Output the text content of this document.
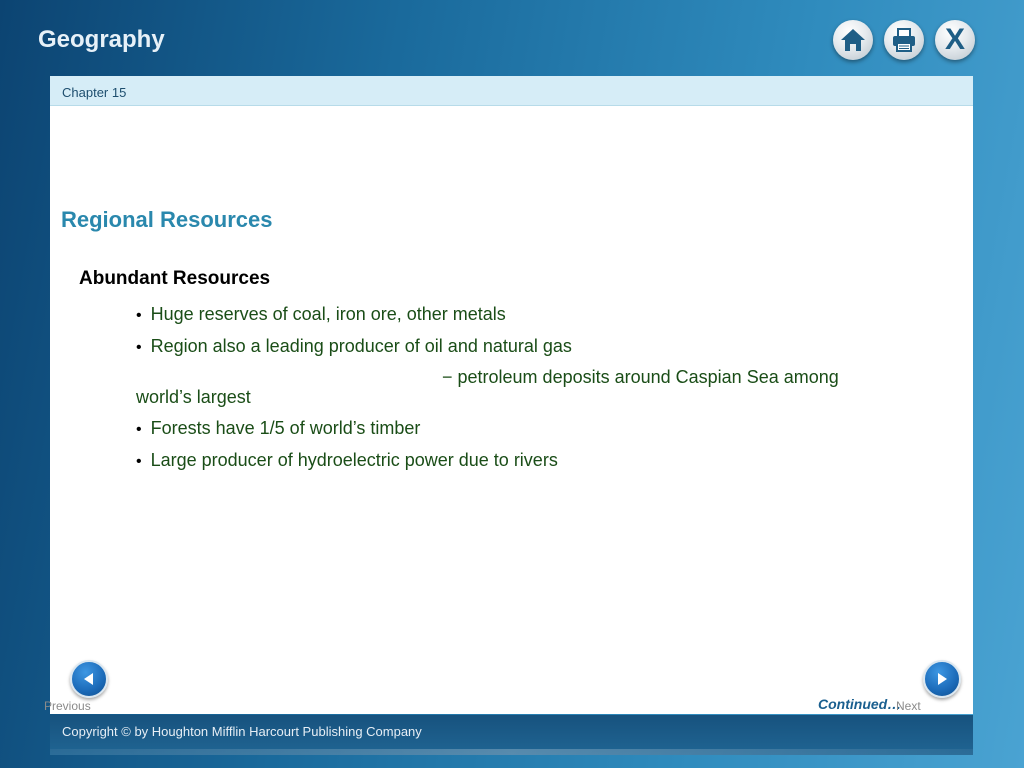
Geography	X
Chapter 15
Regional Resources
Abundant Resources
• Huge reserves of coal, iron ore, other metals
• Region also a leading producer of oil and natural gas
− petroleum deposits around Caspian Sea among
world’s largest
• Forests have 1/5 of world’s timber
• Large producer of hydroelectric power due to rivers
Previous	Continued…
Next
Copyright © by Houghton Mifflin Harcourt Publishing Company
